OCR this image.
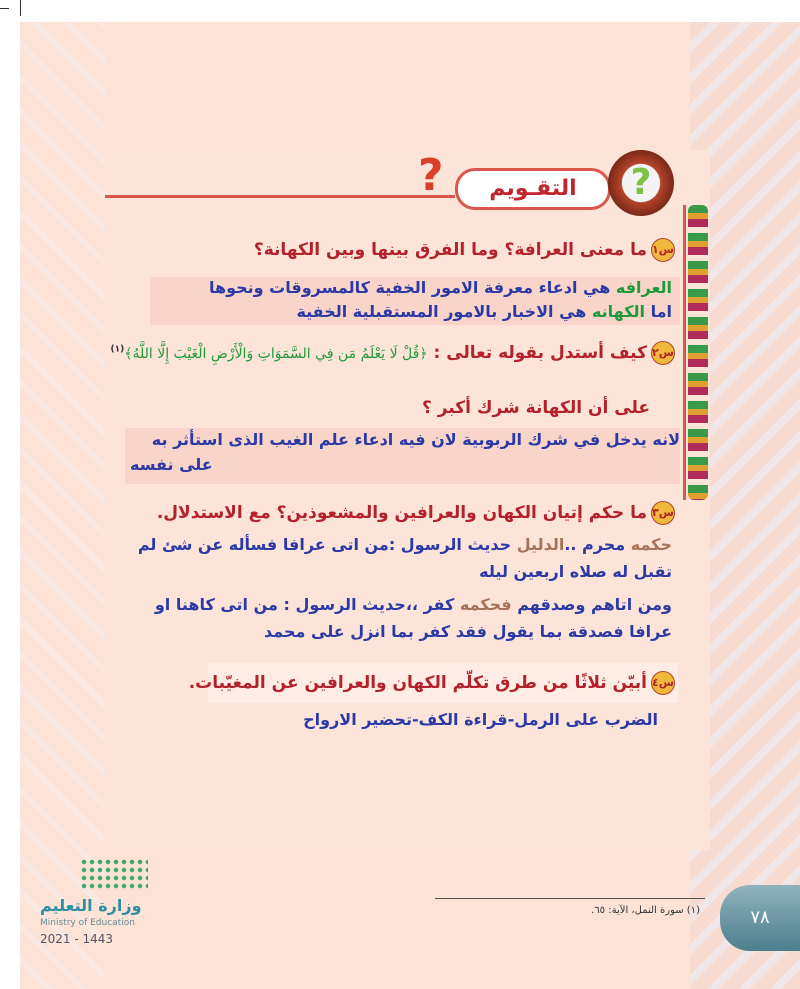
?	التقـويم	?
س١ما معنى العرافة؟ وما الفرق بينها وبين الكهانة؟
العرافه هي ادعاء معرفة الامور الخفية كالمسروقات ونحوها
اما الكهانه هي الاخبار بالامور المستقبلية الخفية
س٢كيف أستدل بقوله تعالى : ﴿قُلْ لَا يَعْلَمُ مَن فِي السَّمَوَاتِ وَالْأَرْضِ الْغَيْبَ إِلَّا اللَّهُ﴾$^{(١)}$
على أن الكهانة شرك أكبر ؟
لانه يدخل في شرك الربوبية لان فيه ادعاء علم الغيب الذى استأثر به
على نفسه
س٣ما حكم إتيان الكهان والعرافين والمشعوذين؟ مع الاستدلال.
حكمه محرم ..الدليل حديث الرسول :من اتى عرافا فسأله عن شئ لم
تقبل له صلاه اربعين ليله
ومن اتاهم وصدقهم فحكمه كفر ،،حديث الرسول : من اتى كاهنا او
عرافا فصدقة بما يقول فقد كفر بما انزل على محمد
س٤أبيّن ثلاثًا من طرق تكلّم الكهان والعرافين عن المغيّبات.
الضرب على الرمل-قراءة الكف-تحضير الارواح
(١) سورة النمل، الآية: ٦٥.	٧٨
وزارة التعليم
Ministry of Education
2021 - 1443
